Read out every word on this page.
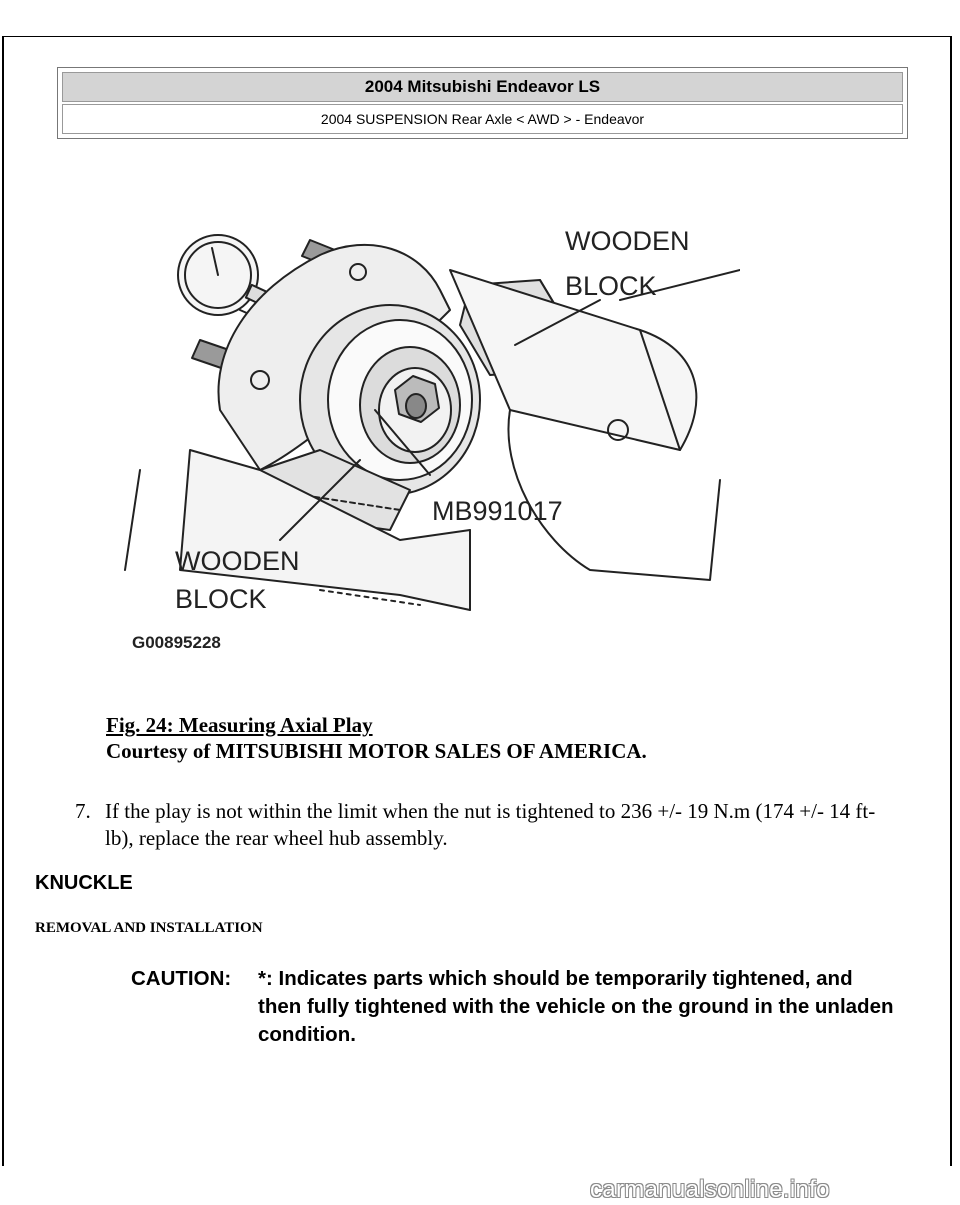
2004 Mitsubishi Endeavor LS
2004 SUSPENSION Rear Axle < AWD > - Endeavor
WOODEN
BLOCK
MB991017
WOODEN
BLOCK
G00895228
Fig. 24: Measuring Axial Play
Courtesy of MITSUBISHI MOTOR SALES OF AMERICA.
7. If the play is not within the limit when the nut is tightened to 236 +/- 19 N.m (174 +/- 14 ft-lb), replace the rear wheel hub assembly.
KNUCKLE
REMOVAL AND INSTALLATION
CAUTION: *: Indicates parts which should be temporarily tightened, and then fully tightened with the vehicle on the ground in the unladen condition.
carmanualsonline.info
